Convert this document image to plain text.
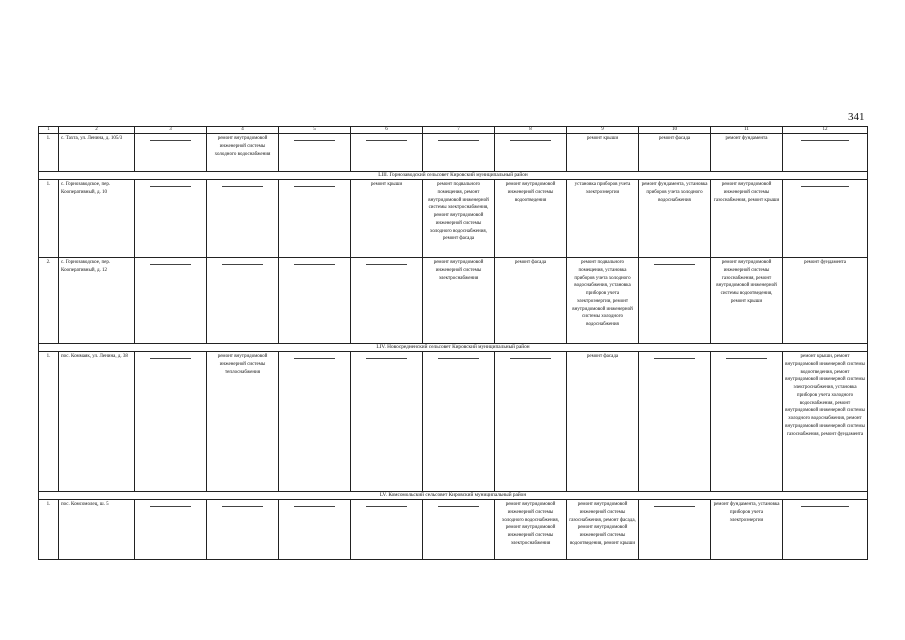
341
1	2	3	4	5	6	7	8	9	10	11	12
1.	с. Тахта, ул. Ленина, д. 105/3		ремонт внутридомовой инженерной системы холодного водоснабжения					ремонт крыши	ремонт фасада	ремонт фундамента	
LIII. Горнозаводский сельсовет Кировский муниципальный район											
1.	с. Горнозаводское, пер. Кооперативный, д. 10				ремонт крыши	ремонт подвального помещения, ремонт внутридомовой инженерной системы электроснабжения, ремонт внутридомовой инженерной системы холодного водоснабжения, ремонт фасада	ремонт внутридомовой инженерной системы водоотведения	установка приборов учета электроэнергии	ремонт фундамента, установка приборов учета холодного водоснабжения	ремонт внутридомовой инженерной системы газоснабжения, ремонт крыши	
2.	с. Горнозаводское, пер. Кооперативный, д. 12					ремонт внутридомовой инженерной системы электроснабжения	ремонт фасада	ремонт подвального помещения, установка приборов учета холодного водоснабжения, установка приборов учета электроэнергии, ремонт внутридомовой инженерной системы холодного водоснабжения		ремонт внутридомовой инженерной системы газоснабжения, ремонт внутридомовой инженерной системы водоотведения, ремонт крыши	ремонт фундамента
LIV. Новосредненский сельсовет Кировский муниципальный район											
1.	пос. Коммаяк, ул. Ленина, д. 38		ремонт внутридомовой инженерной системы теплоснабжения					ремонт фасада			ремонт крыши, ремонт внутридомовой инженерной системы водоотведения, ремонт внутридомовой инженерной системы электроснабжения, установка приборов учета холодного водоснабжения, ремонт внутридомовой инженерной системы холодного водоснабжения, ремонт внутридомовой инженерной системы газоснабжения, ремонт фундамента
LV. Комсомольский сельсовет Кировский муниципальный район											
1.	пос. Комсомолец, ш. 5						ремонт внутридомовой инженерной системы холодного водоснабжения, ремонт внутридомовой инженерной системы электроснабжения	ремонт внутридомовой инженерной системы газоснабжения, ремонт фасада, ремонт внутридомовой инженерной системы водоотведения, ремонт крыши		ремонт фундамента, установка приборов учета электроэнергии	
